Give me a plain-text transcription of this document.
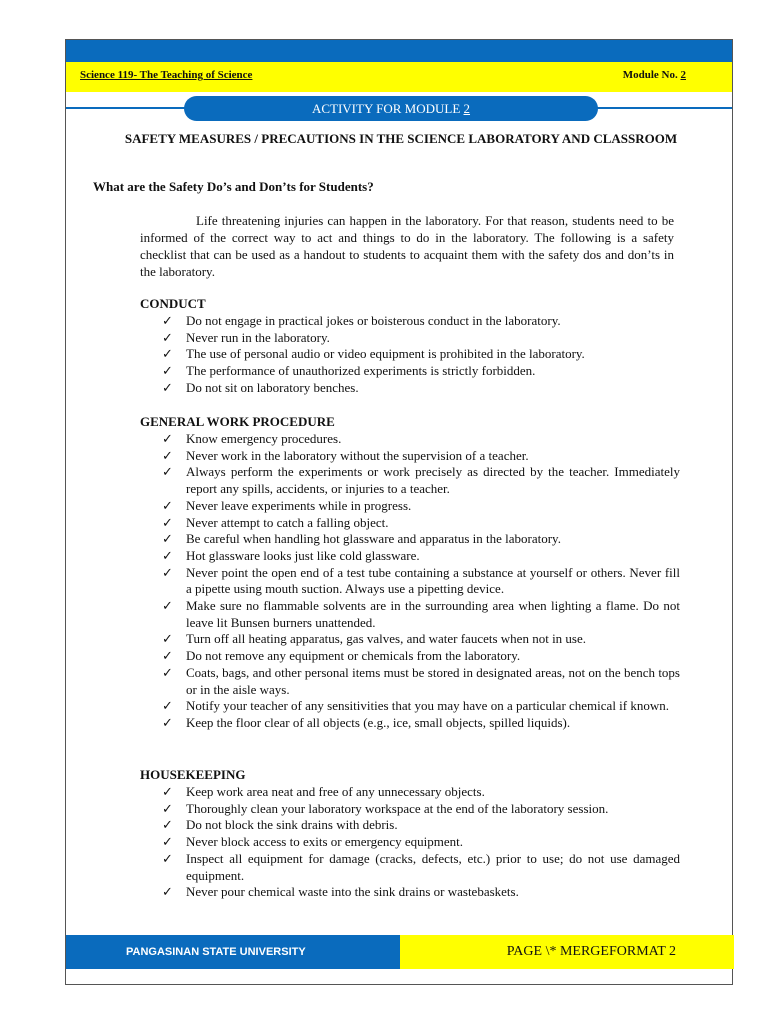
Science 119- The Teaching of Science	Module No. 2
ACTIVITY FOR MODULE 2
SAFETY MEASURES / PRECAUTIONS IN THE SCIENCE LABORATORY AND CLASSROOM
What are the Safety Do’s and Don’ts for Students?

Life threatening injuries can happen in the laboratory. For that reason, students need to be informed of the correct way to act and things to do in the laboratory. The following is a safety checklist that can be used as a handout to students to acquaint them with the safety dos and don’ts in the laboratory.

CONDUCT
✓ Do not engage in practical jokes or boisterous conduct in the laboratory.
✓ Never run in the laboratory.
✓ The use of personal audio or video equipment is prohibited in the laboratory.
✓ The performance of unauthorized experiments is strictly forbidden.
✓ Do not sit on laboratory benches.
GENERAL WORK PROCEDURE
✓ Know emergency procedures.
✓ Never work in the laboratory without the supervision of a teacher.
✓ Always perform the experiments or work precisely as directed by the teacher. Immediately report any spills, accidents, or injuries to a teacher.
✓ Never leave experiments while in progress.
✓ Never attempt to catch a falling object.
✓ Be careful when handling hot glassware and apparatus in the laboratory.
✓ Hot glassware looks just like cold glassware.
✓ Never point the open end of a test tube containing a substance at yourself or others. Never fill a pipette using mouth suction. Always use a pipetting device.
✓ Make sure no flammable solvents are in the surrounding area when lighting a flame. Do not leave lit Bunsen burners unattended.
✓ Turn off all heating apparatus, gas valves, and water faucets when not in use.
✓ Do not remove any equipment or chemicals from the laboratory.
✓ Coats, bags, and other personal items must be stored in designated areas, not on the bench tops or in the aisle ways.
✓ Notify your teacher of any sensitivities that you may have on a particular chemical if known.
✓ Keep the floor clear of all objects (e.g., ice, small objects, spilled liquids).
HOUSEKEEPING
✓ Keep work area neat and free of any unnecessary objects.
✓ Thoroughly clean your laboratory workspace at the end of the laboratory session.
✓ Do not block the sink drains with debris.
✓ Never block access to exits or emergency equipment.
✓ Inspect all equipment for damage (cracks, defects, etc.) prior to use; do not use damaged equipment.
✓ Never pour chemical waste into the sink drains or wastebaskets.
PANGASINAN STATE UNIVERSITY	PAGE \* MERGEFORMAT 2
